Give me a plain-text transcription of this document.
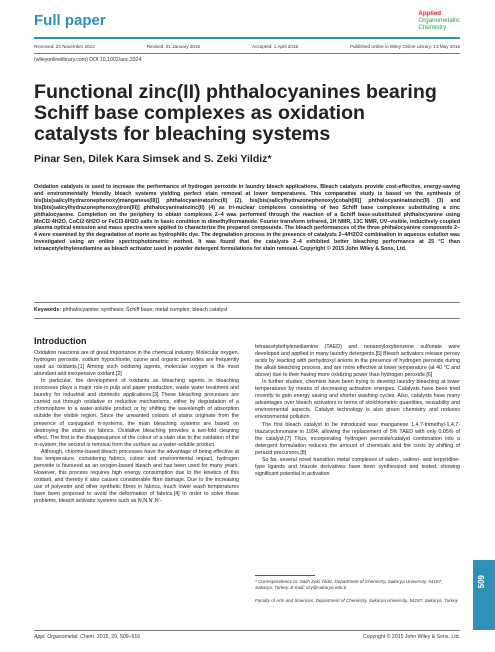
Full paper	Applied
Organometallic
Chemistry
Received: 24 November 2014	Revised: 21 January 2015	Accepted: 1 April 2015	Published online in Wiley Online Library: 13 May 2015
(wileyonlinelibrary.com) DOI 10.1002/aoc.3324
Functional zinc(II) phthalocyanines bearing Schiff base complexes as oxidation catalysts for bleaching systems
Pinar Sen, Dilek Kara Simsek and S. Zeki Yildiz*
Oxidation catalysis is used to increase the performance of hydrogen peroxide in laundry bleach applications. Bleach catalysts provide cost-effective, energy-saving and environmentally friendly bleach systems yielding perfect stain removal at lower temperatures. This comparative study is based on the synthesis of bis[bis(salicylhydrazonephenoxy)manganese(III)] phthalocyaninatozinc(II) (2), bis[bis(salicylhydrazonephenoxy)cobalt(III)] phthalocyaninatozinc(II) (3) and bis[bis(salicylhydrazonephenoxy)iron(III)] phthalocyaninatozinc(II) (4) as tri-nuclear complexes consisting of two Schiff base complexes substituting a zinc phthalocyanine. Completion on the periphery to obtain complexes 2–4 was performed through the reaction of a Schiff base-substituted phthalocyanine using MnCl2·4H2O, CoCl2·6H2O or FeCl3·6H2O salts in basic condition in dimethylformamide. Fourier transform infrared, 1H NMR, 13C NMR, UV–visible, inductively coupled plasma optical emission and mass spectra were applied to characterize the prepared compounds. The bleach performances of the three phthalocyanine compounds 2–4 were examined by the degradation of morin as hydrophilic dye. The degradation process in the presence of catalysts 2–4/H2O2 combination in aqueous solution was investigated using an online spectrophotometric method. It was found that the catalysts 2–4 exhibited better bleaching performance at 25 °C than tetraacetylethylenediamine as bleach activator used in powder detergent formulations for stain removal. Copyright © 2015 John Wiley & Sons, Ltd.
Keywords: phthalocyanine; synthesis; Schiff base; metal complex; bleach catalyst
Introduction

Oxidation reactions are of great importance in the chemical industry. Molecular oxygen, hydrogen peroxide, sodium hypochlorite, ozone and organic peroxides are frequently used as oxidants.[1] Among such oxidizing agents, molecular oxygen is the most abundant and inexpensive oxidant.[2]

In particular, the development of oxidants as bleaching agents in bleaching processes plays a major role in pulp and paper production, waste water treatment and laundry for industrial and domestic applications.[3] These bleaching processes are carried out through oxidative or reductive mechanisms, either by degradation of a chromophore to a water-soluble product or by shifting the wavelength of absorption outside the visible region. Since the unwanted colours of stains originate from the presence of conjugated π-systems, the main bleaching systems are based on destroying the stains on fabrics. Oxidative bleaching provides a two-fold cleaning effect. The first is the disappearance of the colour of a stain due to the oxidation of the π-system; the second is removal from the surface as a water-soluble product.

Although, chlorine-based bleach processes have the advantage of being effective at low temperature, considering fabrics, colour and environmental impact, hydrogen peroxide is favoured as an oxygen-based bleach and has been used for many years. However, this process requires high energy consumption due to the kinetics of this oxidant, and thereby it also causes considerable fibre damage. Due to the increasing use of polyester and other synthetic fibres in fabrics, much lower wash temperatures have been proposed to avoid the deformation of fabrics.[4] In order to solve these problems, bleach activator systems such as N,N,N′,N′-

tetraacetylethylenediamine (TAED) and nonanoyloxybenzene sulfonate were developed and applied in many laundry detergents.[5] Bleach activators release peroxy acids by reacting with perhydroxyl anions in the presence of hydrogen peroxide during the alkali bleaching process, and are more effective at lower temperature (at 40 °C and above) due to their having more oxidizing power than hydrogen peroxide.[6]

In further studies, chemists have been trying to develop laundry bleaching at lower temperatures by means of decreasing activation energies. Catalysts have been tried recently to gain energy saving and shorter washing cycles. Also, catalysts have many advantages over bleach activators in terms of stoichiometric quantities, reusability and environmental aspects. Catalyst technology is also green chemistry and reduces environmental pollution.

The first bleach catalyst to be introduced was manganese 1,4,7-trimethyl-1,4,7-triazacyclononane in 1994, allowing the replacement of 5% TAED with only 0.05% of the catalyst.[7] Thus, incorporating hydrogen peroxide/catalyst combination into a detergent formulation reduces the amount of chemicals and the costs by shifting of peracid precursors.[8]

So far, several novel transition metal complexes of salen-, saltren- and terpyridine-type ligands and triazole derivatives have been synthesized and tested, showing significant potential in activation

* Correspondence to: Salih Zeki Yildiz, Department of Chemistry, Sakarya University, 54187, Sakarya, Turkey. E-mail: szy@sakarya.edu.tr
Faculty of Arts and Sciences, Department of Chemistry, Sakarya University, 54187, Sakarya, Turkey
509
Appl. Organometal. Chem. 2015, 29, 509–516	Copyright © 2015 John Wiley & Sons, Ltd.
